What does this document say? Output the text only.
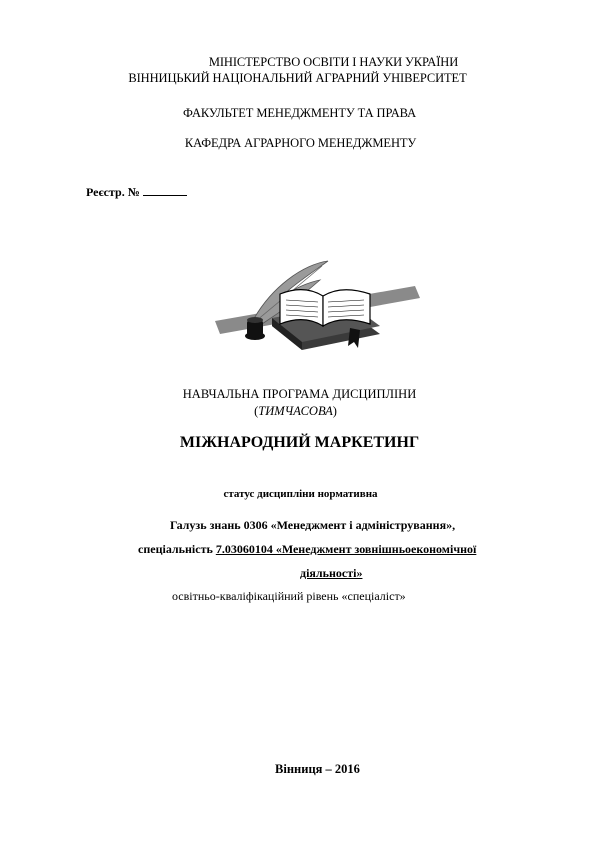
МІНІСТЕРСТВО ОСВІТИ І НАУКИ УКРАЇНИ
ВІННИЦЬКИЙ НАЦІОНАЛЬНИЙ АГРАРНИЙ УНІВЕРСИТЕТ
ФАКУЛЬТЕТ МЕНЕДЖМЕНТУ ТА ПРАВА
КАФЕДРА АГРАРНОГО МЕНЕДЖМЕНТУ
Реєстр. №
НАВЧАЛЬНА ПРОГРАМА ДИСЦИПЛІНИ
(ТИМЧАСОВА)
МІЖНАРОДНИЙ МАРКЕТИНГ
статус дисципліни нормативна
Галузь знань 0306 «Менеджмент і адміністрування»,
спеціальність 7.03060104 «Менеджмент зовнішньоекономічної
діяльності»
освітньо-кваліфікаційний рівень «спеціаліст»
Вінниця – 2016
